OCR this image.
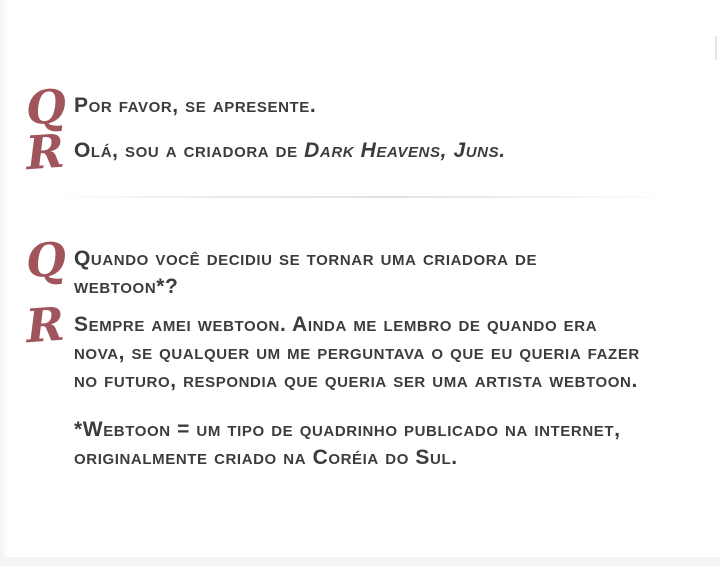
Q Por favor, se apresente.
R Olá, sou a criadora de Dark Heavens, Juns.
Q Quando você decidiu se tornar uma criadora de
webtoon*?
R Sempre amei webtoon. Ainda me lembro de quando era
nova, se qualquer um me perguntava o que eu queria fazer
no futuro, respondia que queria ser uma artista webtoon.
*Webtoon = um tipo de quadrinho publicado na internet,
originalmente criado na Coréia do Sul.
